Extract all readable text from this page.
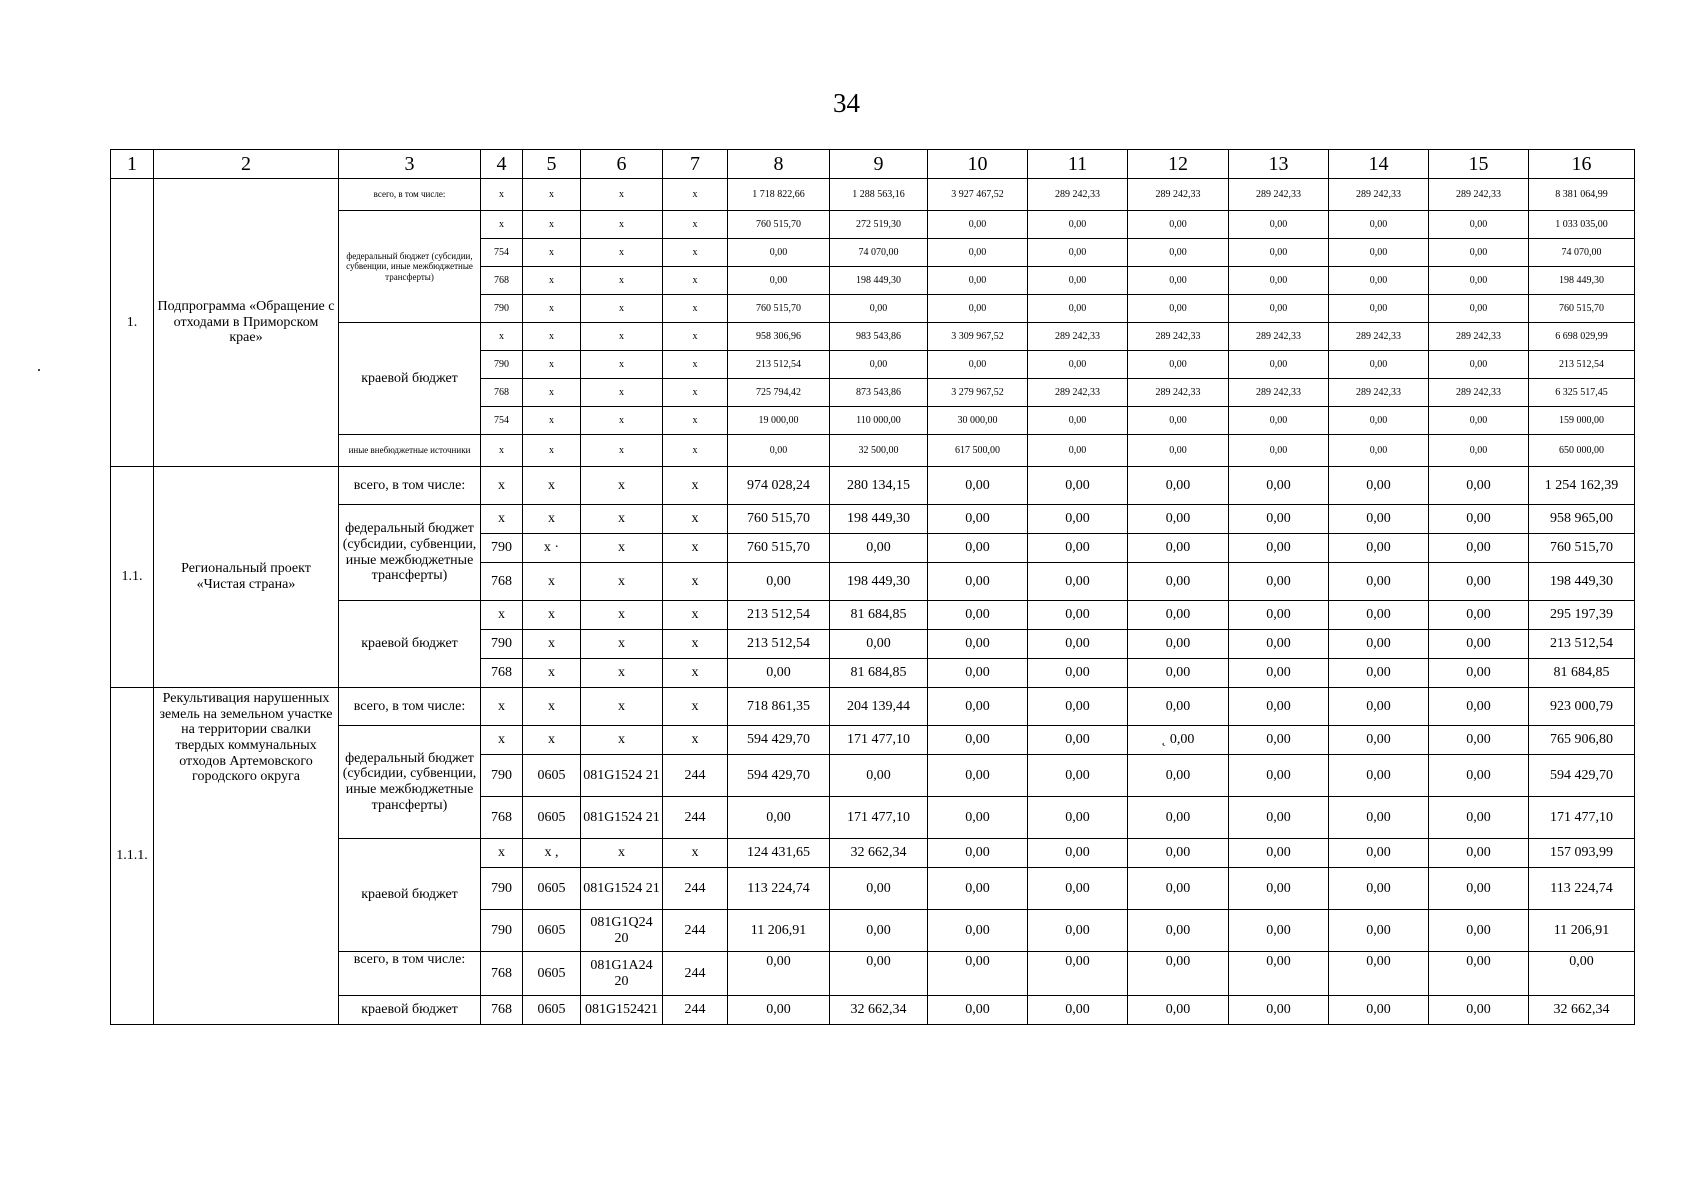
34
1	2	3	4	5	6	7	8	9	10	11	12	13	14	15	16
1.	Подпрограмма «Обращение с отходами в Приморском крае»	всего, в том числе:	x	x	x	x	1 718 822,66	1 288 563,16	3 927 467,52	289 242,33	289 242,33	289 242,33	289 242,33	289 242,33	8 381 064,99
		федеральный бюджет (субсидии, субвенции, иные межбюджетные трансферты)	x	x	x	x	760 515,70	272 519,30	0,00	0,00	0,00	0,00	0,00	0,00	1 033 035,00
			754	x	x	x	0,00	74 070,00	0,00	0,00	0,00	0,00	0,00	0,00	74 070,00
			768	x	x	x	0,00	198 449,30	0,00	0,00	0,00	0,00	0,00	0,00	198 449,30
			790	x	x	x	760 515,70	0,00	0,00	0,00	0,00	0,00	0,00	0,00	760 515,70
		краевой бюджет	x	x	x	x	958 306,96	983 543,86	3 309 967,52	289 242,33	289 242,33	289 242,33	289 242,33	289 242,33	6 698 029,99
			790	x	x	x	213 512,54	0,00	0,00	0,00	0,00	0,00	0,00	0,00	213 512,54
			768	x	x	x	725 794,42	873 543,86	3 279 967,52	289 242,33	289 242,33	289 242,33	289 242,33	289 242,33	6 325 517,45
			754	x	x	x	19 000,00	110 000,00	30 000,00	0,00	0,00	0,00	0,00	0,00	159 000,00
		иные внебюджетные источники	x	x	x	x	0,00	32 500,00	617 500,00	0,00	0,00	0,00	0,00	0,00	650 000,00
1.1.	Региональный проект «Чистая страна»	всего, в том числе:	x	x	x	x	974 028,24	280 134,15	0,00	0,00	0,00	0,00	0,00	0,00	1 254 162,39
		федеральный бюджет (субсидии, субвенции, иные межбюджетные трансферты)	x	x	x	x	760 515,70	198 449,30	0,00	0,00	0,00	0,00	0,00	0,00	958 965,00
			790	x ·	x	x	760 515,70	0,00	0,00	0,00	0,00	0,00	0,00	0,00	760 515,70
			768	x	x	x	0,00	198 449,30	0,00	0,00	0,00	0,00	0,00	0,00	198 449,30
		краевой бюджет	x	x	x	x	213 512,54	81 684,85	0,00	0,00	0,00	0,00	0,00	0,00	295 197,39
			790	x	x	x	213 512,54	0,00	0,00	0,00	0,00	0,00	0,00	0,00	213 512,54
			768	x	x	x	0,00	81 684,85	0,00	0,00	0,00	0,00	0,00	0,00	81 684,85
1.1.1.	Рекультивация нарушенных земель на земельном участке на территории свалки твердых коммунальных отходов Артемовского городского округа	всего, в том числе:	x	x	x	x	718 861,35	204 139,44	0,00	0,00	0,00	0,00	0,00	0,00	923 000,79
		федеральный бюджет (субсидии, субвенции, иные межбюджетные трансферты)	x	x	x	x	594 429,70	171 477,10	0,00	0,00	˛ 0,00	0,00	0,00	0,00	765 906,80
			790	0605	081G1524 21	244	594 429,70	0,00	0,00	0,00	0,00	0,00	0,00	0,00	594 429,70
			768	0605	081G1524 21	244	0,00	171 477,10	0,00	0,00	0,00	0,00	0,00	0,00	171 477,10
		краевой бюджет	x	x ,	x	x	124 431,65	32 662,34	0,00	0,00	0,00	0,00	0,00	0,00	157 093,99
			790	0605	081G1524 21	244	113 224,74	0,00	0,00	0,00	0,00	0,00	0,00	0,00	113 224,74
			790	0605	081G1Q24 20	244	11 206,91	0,00	0,00	0,00	0,00	0,00	0,00	0,00	11 206,91
		всего, в том числе:	768	0605	081G1A24 20	244	0,00	0,00	0,00	0,00	0,00	0,00	0,00	0,00	0,00
		краевой бюджет	768	0605	081G152421	244	0,00	32 662,34	0,00	0,00	0,00	0,00	0,00	0,00	32 662,34
